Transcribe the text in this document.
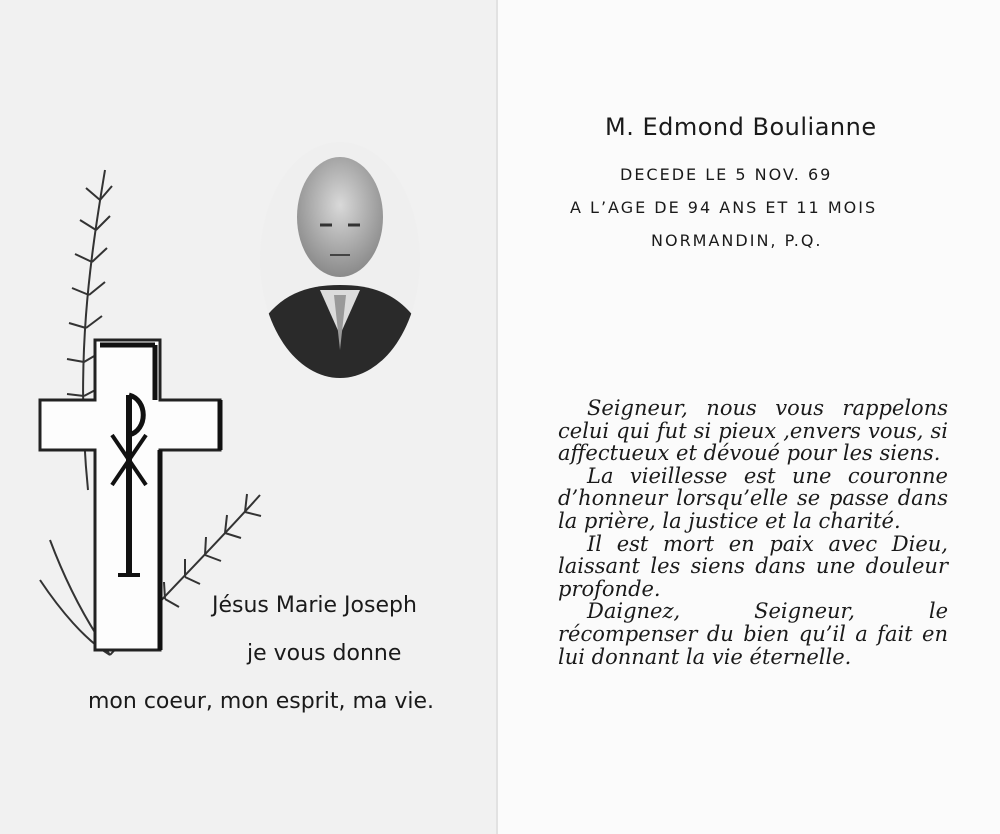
Jésus Marie Joseph
je vous donne
mon coeur, mon esprit, ma vie.
M. Edmond Boulianne
DECEDE LE 5 NOV. 69
A L’AGE DE 94 ANS ET 11 MOIS
NORMANDIN, P.Q.

Seigneur, nous vous rappelons celui qui fut si pieux ,envers vous, si affectueux et dévoué pour les siens.

La vieillesse est une couronne d’honneur lorsqu’elle se passe dans la prière, la justice et la charité.

Il est mort en paix avec Dieu, laissant les siens dans une douleur profonde.

Daignez, Seigneur, le récompenser du bien qu’il a fait en lui donnant la vie éternelle.
